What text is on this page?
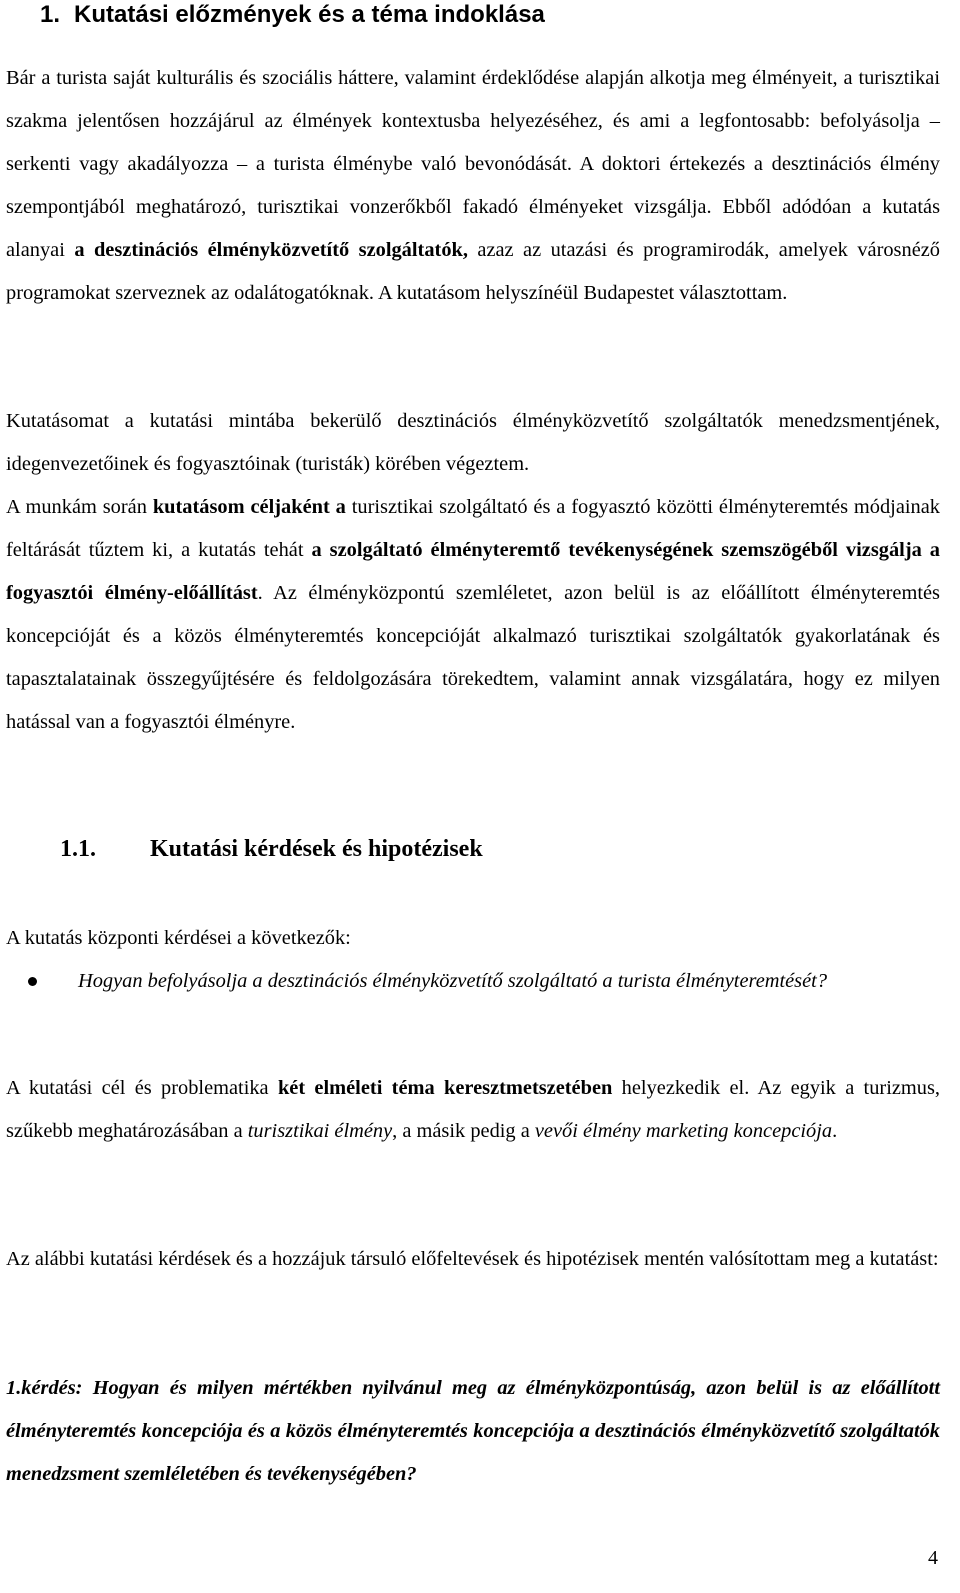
1. Kutatási előzmények és a téma indoklása

Bár a turista saját kulturális és szociális háttere, valamint érdeklődése alapján alkotja meg élményeit, a turisztikai szakma jelentősen hozzájárul az élmények kontextusba helyezéséhez, és ami a legfontosabb: befolyásolja – serkenti vagy akadályozza – a turista élménybe való bevonódását. A doktori értekezés a desztinációs élmény szempontjából meghatározó, turisztikai vonzerőkből fakadó élményeket vizsgálja. Ebből adódóan a kutatás alanyai a desztinációs élményközvetítő szolgáltatók, azaz az utazási és programirodák, amelyek városnéző programokat szerveznek az odalátogatóknak. A kutatásom helyszínéül Budapestet választottam.

Kutatásomat a kutatási mintába bekerülő desztinációs élményközvetítő szolgáltatók menedzsmentjének, idegenvezetőinek és fogyasztóinak (turisták) körében végeztem.

A munkám során kutatásom céljaként a turisztikai szolgáltató és a fogyasztó közötti élményteremtés módjainak feltárását tűztem ki, a kutatás tehát a szolgáltató élményteremtő tevékenységének szemszögéből vizsgálja a fogyasztói élmény-előállítást. Az élményközpontú szemléletet, azon belül is az előállított élményteremtés koncepcióját és a közös élményteremtés koncepcióját alkalmazó turisztikai szolgáltatók gyakorlatának és tapasztalatainak összegyűjtésére és feldolgozására törekedtem, valamint annak vizsgálatára, hogy ez milyen hatással van a fogyasztói élményre.

1.1. Kutatási kérdések és hipotézisek

A kutatás központi kérdései a következők:

Hogyan befolyásolja a desztinációs élményközvetítő szolgáltató a turista élményteremtését?

A kutatási cél és problematika két elméleti téma keresztmetszetében helyezkedik el. Az egyik a turizmus, szűkebb meghatározásában a turisztikai élmény, a másik pedig a vevői élmény marketing koncepciója.

Az alábbi kutatási kérdések és a hozzájuk társuló előfeltevések és hipotézisek mentén valósítottam meg a kutatást:

1.kérdés: Hogyan és milyen mértékben nyilvánul meg az élményközpontúság, azon belül is az előállított élményteremtés koncepciója és a közös élményteremtés koncepciója a desztinációs élményközvetítő szolgáltatók menedzsment szemléletében és tevékenységében?

4
